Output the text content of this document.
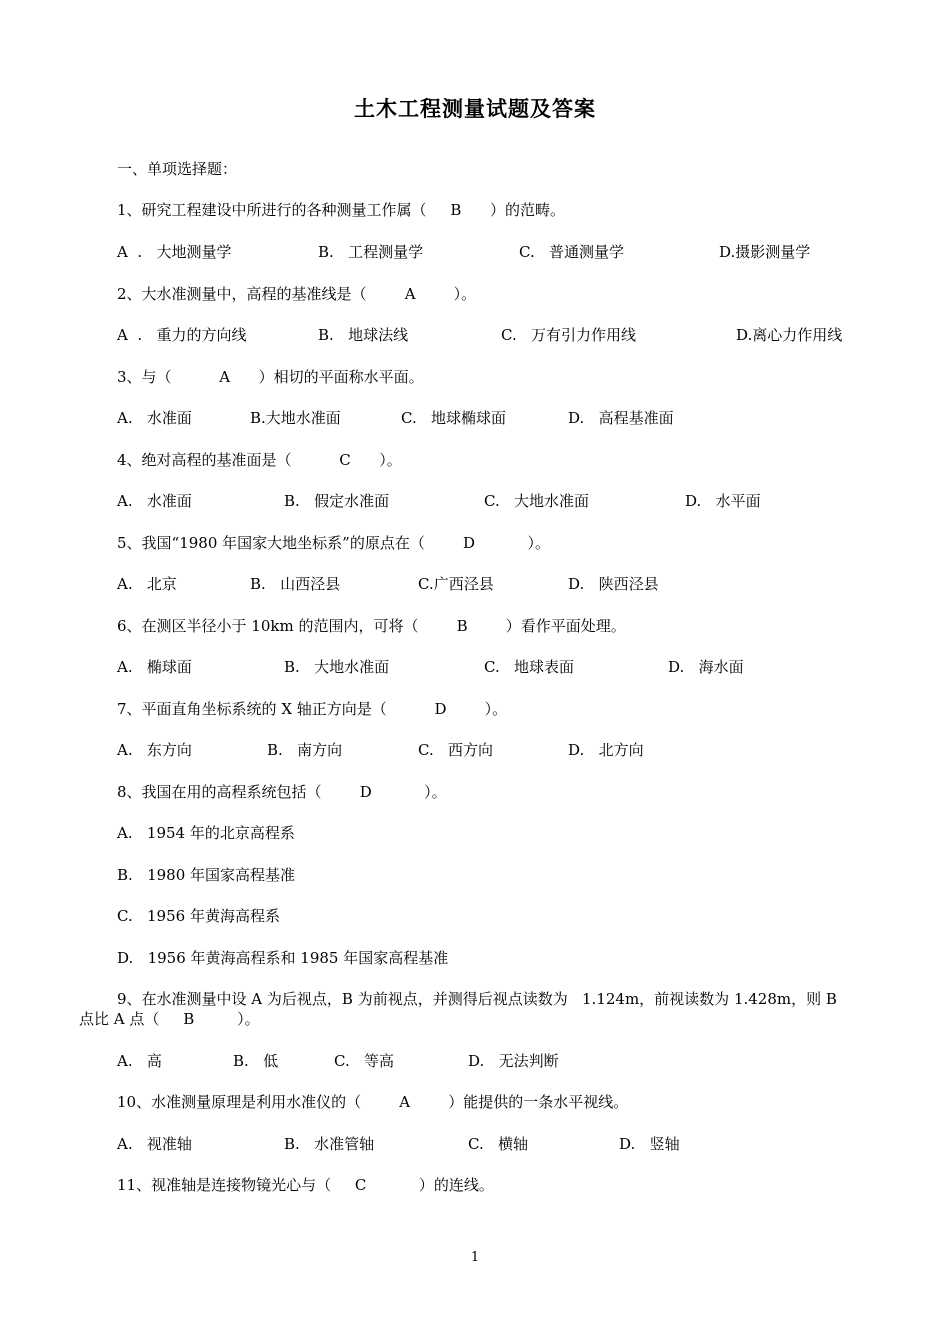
土木工程测量试题及答案
一、单项选择题：
1、研究工程建设中所进行的各种测量工作属（     B      ）的范畴。
A  .   大地测量学	B.   工程测量学	C.   普通测量学	D.摄影测量学
2、大水准测量中，高程的基准线是（        A        ）。
A  .   重力的方向线	B.   地球法线	C.   万有引力作用线	D.离心力作用线
3、与（          A      ）相切的平面称水平面。
A.   水准面	B.大地水准面	C.   地球椭球面	D.   高程基准面
4、绝对高程的基准面是（          C      ）。
A.   水准面	B.   假定水准面	C.   大地水准面	D.   水平面
5、我国“1980 年国家大地坐标系”的原点在（        D           ）。
A.   北京	B.   山西泾县	C.广西泾县	D.   陕西泾县
6、在测区半径小于 10km 的范围内，可将（        B        ）看作平面处理。
A.   椭球面	B.   大地水准面	C.   地球表面	D.   海水面
7、平面直角坐标系统的 X 轴正方向是（          D        ）。
A.   东方向	B.   南方向	C.   西方向	D.   北方向
8、我国在用的高程系统包括（        D           ）。
A.   1954 年的北京高程系
B.   1980 年国家高程基准
C.   1956 年黄海高程系
D.   1956 年黄海高程系和 1985 年国家高程基准
9、在水准测量中设 A 为后视点，B 为前视点，并测得后视点读数为   1.124m，前视读数为 1.428m，则 B
点比 A 点（     B         ）。
A.   高	B.   低	C.   等高	D.   无法判断
10、水准测量原理是利用水准仪的（        A        ）能提供的一条水平视线。
A.   视准轴	B.   水准管轴	C.   横轴	D.   竖轴
11、视准轴是连接物镜光心与（     C           ）的连线。
1
